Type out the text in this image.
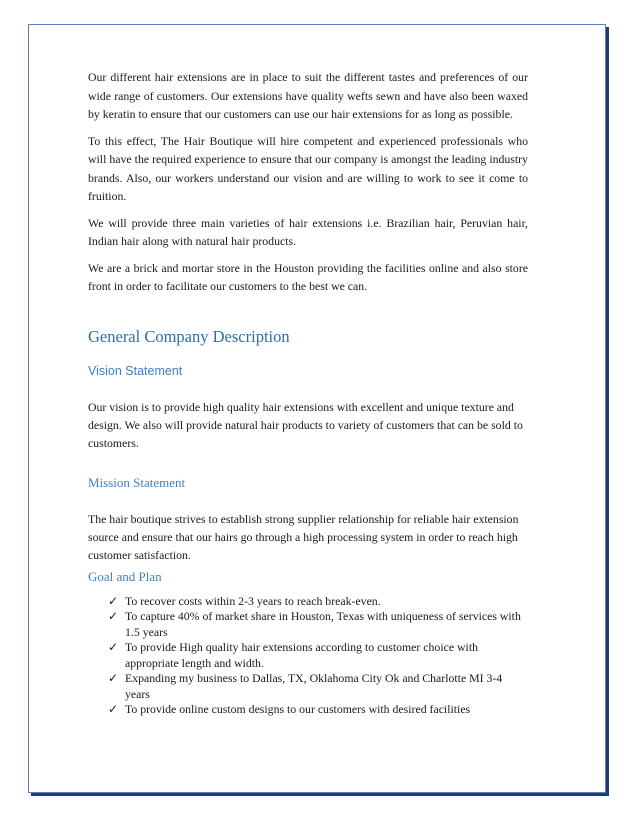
Our different hair extensions are in place to suit the different tastes and preferences of our wide range of customers. Our extensions have quality wefts sewn and have also been waxed by keratin to ensure that our customers can use our hair extensions for as long as possible.

To this effect, The Hair Boutique will hire competent and experienced professionals who will have the required experience to ensure that our company is amongst the leading industry brands. Also, our workers understand our vision and are willing to work to see it come to fruition.

We will provide three main varieties of hair extensions i.e. Brazilian hair, Peruvian hair, Indian hair along with natural hair products.

We are a brick and mortar store in the Houston providing the facilities online and also store front in order to facilitate our customers to the best we can.

General Company Description
Vision Statement

Our vision is to provide high quality hair extensions with excellent and unique texture and design. We also will provide natural hair products to variety of customers that can be sold to customers.

Mission Statement

The hair boutique strives to establish strong supplier relationship for reliable hair extension source and ensure that our hairs go through a high processing system in order to reach high customer satisfaction.

Goal and Plan
✓ To recover costs within 2-3 years to reach break-even.
✓ To capture 40% of market share in Houston, Texas with uniqueness of services with 1.5 years
✓ To provide High quality hair extensions according to customer choice with appropriate length and width.
✓ Expanding my business to Dallas, TX, Oklahoma City Ok and Charlotte MI 3-4 years
✓ To provide online custom designs to our customers with desired facilities
